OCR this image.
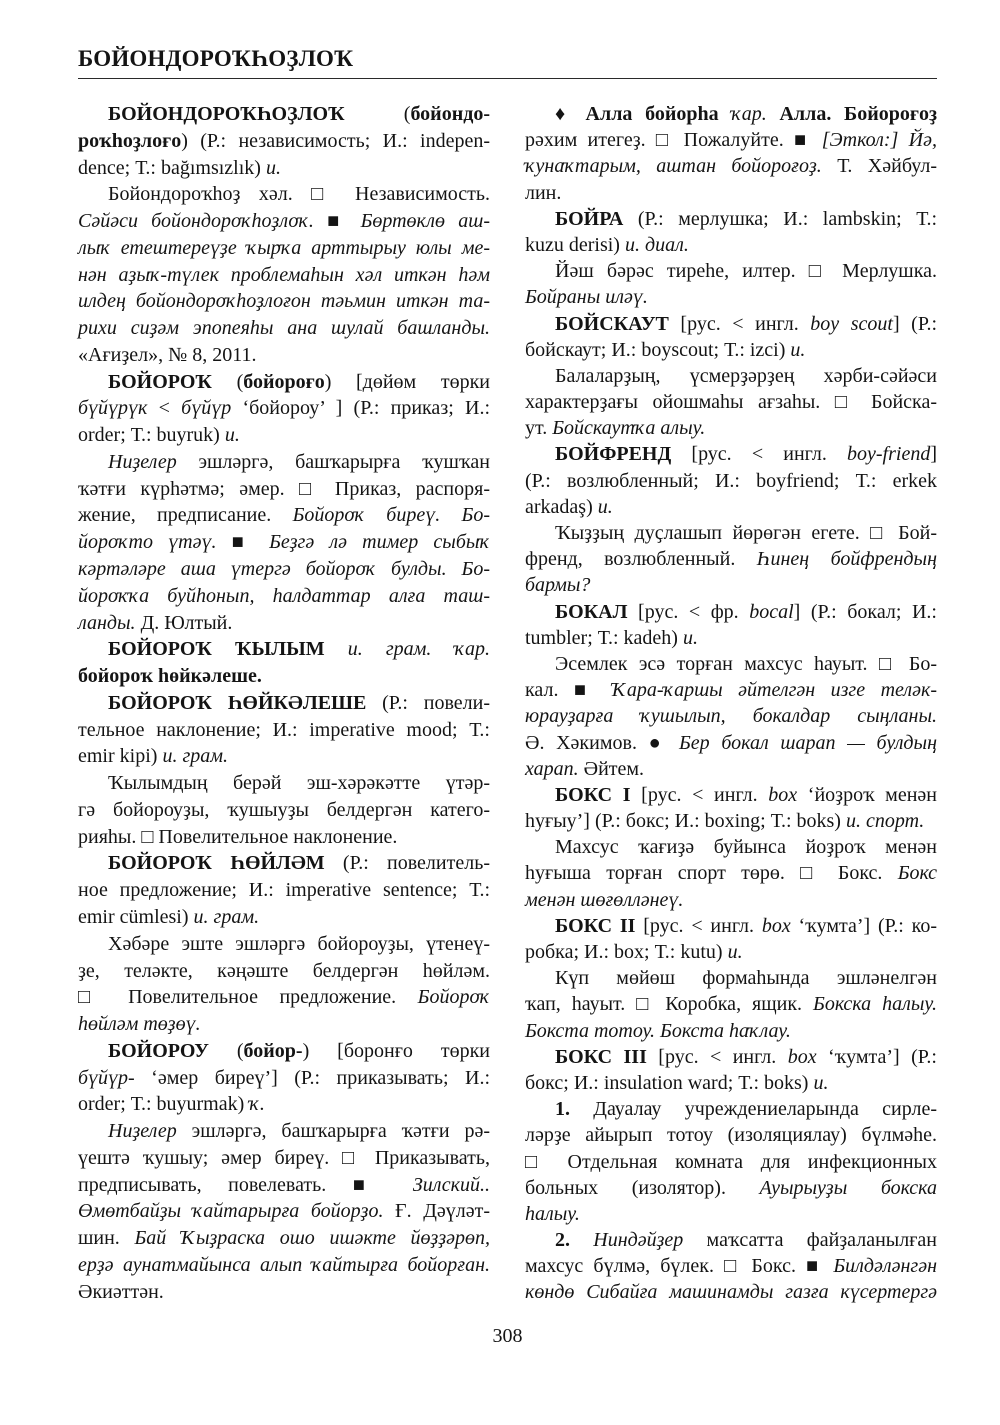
БОЙОНДОРОҠҺОҘЛОҠ
БОЙОНДОРОҠҺОҘЛОҠ (бойондо-
роҡһоҙлоғо) (Р.: независимость; И.: indepen-
dence; Т.: bağımsızlık) и.
Бойондороҡһоҙ хәл. □ Независимость.
Сәйәси бойондороҡһоҙлоҡ. ■ Бөртөклө аш-
лыҡ етештереүҙе ҡырҡа арттырыу юлы ме-
нән аҙыҡ-түлек проблемаһын хәл иткән һәм
илдең бойондороҡһоҙлоғон тәьмин иткән та-
рихи сиҙәм эпопеяһы ана шулай башланды.
«Ағиҙел», № 8, 2011.
БОЙОРОҠ (бойороғо) [дөйөм төрки
бүйүрүк < бүйүр ‘бойороу’ ] (Р.: приказ; И.:
order; Т.: buyruk) и.
Ниҙелер эшләргә, башҡарырға ҡушҡан
ҡәтғи күрһәтмә; әмер. □ Приказ, распоря-
жение, предписание. Бойороҡ биреү. Бо-
йороҡто үтәү. ■ Беҙгә лә тимер сыбыҡ
кәртәләре аша үтергә бойороҡ булды. Бо-
йороҡҡа буйһонып, һалдаттар алға таш-
ланды. Д. Юлтый.
БОЙОРОҠ ҠЫЛЫМ и. грам. ҡар.
бойороҡ һөйкәлеше.
БОЙОРОҠ ҺӨЙКӘЛЕШЕ (Р.: повели-
тельное наклонение; И.: imperative mood; Т.:
emir kipi) и. грам.
Ҡылымдың берәй эш-хәрәкәтте үтәр-
гә бойороуҙы, ҡушыуҙы белдергән катего-
рияһы. □ Повелительное наклонение.
БОЙОРОҠ ҺӨЙЛӘМ (Р.: повелитель-
ное предложение; И.: imperative sentence; Т.:
emir cümlesi) и. грам.
Хәбәре эште эшләргә бойороуҙы, үтенеү-
ҙе, теләкте, кәңәште белдергән һөйләм.
□ Повелительное предложение. Бойороҡ
һөйләм төҙөү.
БОЙОРОУ (бойор-) [боронғо төрки
бүйүр- ‘әмер биреү’] (Р.: приказывать; И.:
order; Т.: buyurmak) ҡ.
Ниҙелер эшләргә, башҡарырға ҡәтғи рә-
үештә ҡушыу; әмер биреү. □ Приказывать,
предписывать, повелевать. ■ Зилский..
Өмөтбайҙы ҡайтарырға бойорҙо. Ғ. Дәүләт-
шин. Бай Ҡыҙраска ошо ишәкте йөҙҙәрөп,
ерҙә аунатмайынса алып ҡайтырға бойорған.
Әкиәттән.
♦ Алла бойорһа ҡар. Алла. Бойороғоҙ
рәхим итегеҙ. □ Пожалуйте. ■ [Эткол:] Йә,
ҡунаҡтарым, аштан бойороғоҙ. Т. Хәйбул-
лин.
БОЙРА (Р.: мерлушка; И.: lambskin; Т.:
kuzu derisi) и. диал.
Йәш бәрәс тиреһе, илтер. □ Мерлушка.
Бойраны иләү.
БОЙСКАУТ [рус. < ингл. boy scout] (Р.:
бойскаут; И.: boyscout; Т.: izci) и.
Балаларҙың, үсмерҙәрҙең хәрби-сәйәси
характерҙағы ойошмаһы ағзаһы. □ Бойска-
ут. Бойскаутҡа алыу.
БОЙФРЕНД [рус. < ингл. boy-friend]
(Р.: возлюбленный; И.: boyfriend; Т.: erkek
arkadaş) и.
Ҡыҙҙың дуҫлашып йөрөгән егете. □ Бой-
френд, возлюбленный. Һинең бойфрендың
бармы?
БОКАЛ [рус. < фр. bocal] (Р.: бокал; И.:
tumbler; Т.: kadeh) и.
Эсемлек эсә торған махсус һауыт. □ Бо-
кал. ■ Ҡара-ҡаршы әйтелгән изге теләк-
юрауҙарға ҡушылып, бокалдар сыңланы.
Ә. Хәкимов. ● Бер бокал шарап — булдың
харап. Әйтем.
БОКС I [рус. < ингл. box ‘йоҙроҡ менән
һуғыу’] (Р.: бокс; И.: boxing; Т.: boks) и. спорт.
Махсус ҡағиҙә буйынса йоҙроҡ менән
һуғыша торған спорт төрө. □ Бокс. Бокс
менән шөғөлләнеү.
БОКС II [рус. < ингл. box ‘ҡумта’] (Р.: ко-
робка; И.: box; Т.: kutu) и.
Күп мөйөш формаһында эшләнелгән
ҡап, һауыт. □ Коробка, ящик. Бокска һалыу.
Бокста тотоу. Бокста һаҡлау.
БОКС III [рус. < ингл. box ‘ҡумта’] (Р.:
бокс; И.: insulation ward; Т.: boks) и.
1. Дауалау учреждениеларында сирле-
ләрҙе айырып тотоу (изоляциялау) бүлмәһе.
□ Отдельная комната для инфекционных
больных (изолятор). Ауырыуҙы бокска
һалыу.
2. Ниндәйҙер маҡсатта файҙаланылған
махсус бүлмә, бүлек. □ Бокс. ■ Билдәләнгән
көндө Сибайға машинамды газға күсертергә
308
